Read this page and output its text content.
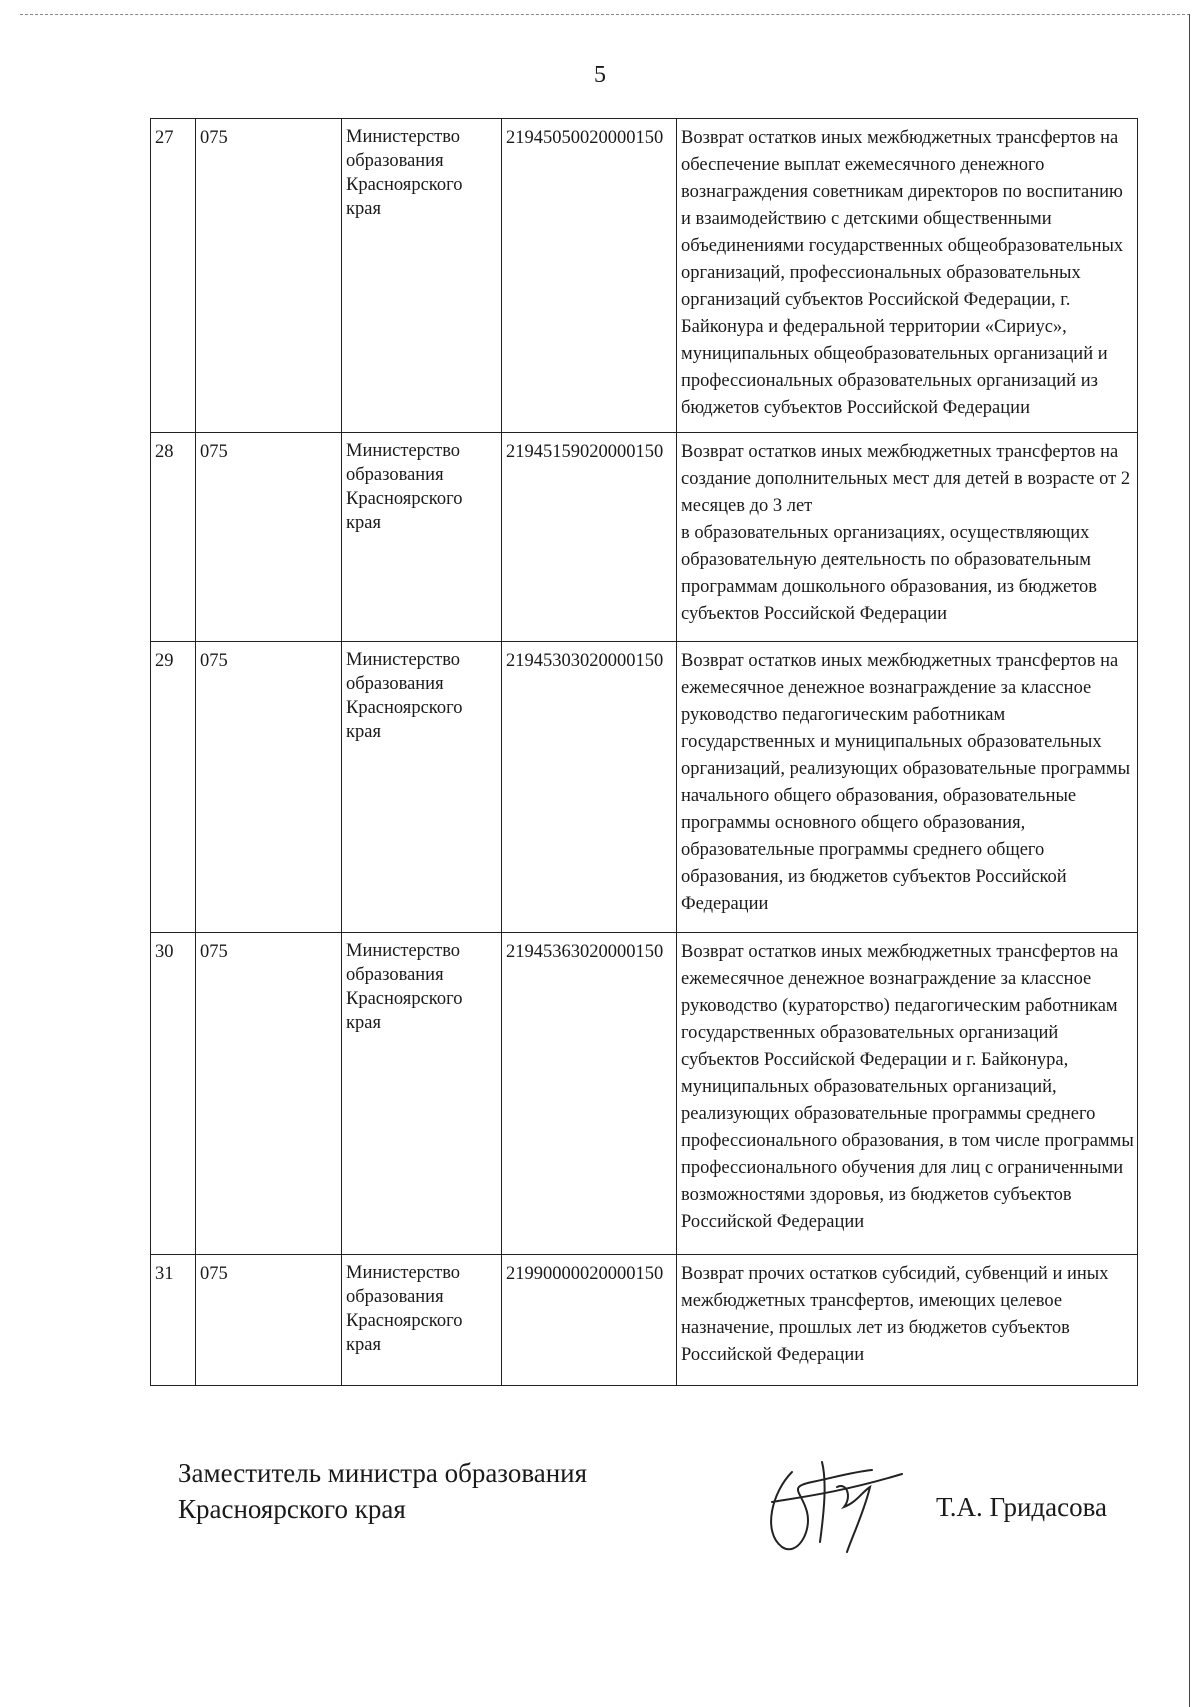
5
27	075	Министерство образования Красноярского края	21945050020000150	Возврат остатков иных межбюджетных трансфертов на обеспечение выплат ежемесячного денежного вознаграждения советникам директоров по воспитанию и взаимодействию с детскими общественными объединениями государственных общеобразовательных организаций, профессиональных образовательных организаций субъектов Российской Федерации, г. Байконура и федеральной территории «Сириус», муниципальных общеобразовательных организаций и профессиональных образовательных организаций из бюджетов субъектов Российской Федерации
28	075	Министерство образования Красноярского края	21945159020000150	Возврат остатков иных межбюджетных трансфертов на создание дополнительных мест для детей в возрасте от 2 месяцев до 3 лет
в образовательных организациях, осуществляющих образовательную деятельность по образовательным программам дошкольного образования, из бюджетов субъектов Российской Федерации
29	075	Министерство образования Красноярского края	21945303020000150	Возврат остатков иных межбюджетных трансфертов на ежемесячное денежное вознаграждение за классное руководство педагогическим работникам государственных и муниципальных образовательных организаций, реализующих образовательные программы начального общего образования, образовательные программы основного общего образования, образовательные программы среднего общего образования, из бюджетов субъектов Российской Федерации
30	075	Министерство образования Красноярского края	21945363020000150	Возврат остатков иных межбюджетных трансфертов на ежемесячное денежное вознаграждение за классное руководство (кураторство) педагогическим работникам государственных образовательных организаций субъектов Российской Федерации и г. Байконура, муниципальных образовательных организаций, реализующих образовательные программы среднего профессионального образования, в том числе программы профессионального обучения для лиц с ограниченными возможностями здоровья, из бюджетов субъектов Российской Федерации
31	075	Министерство образования Красноярского края	21990000020000150	Возврат прочих остатков субсидий, субвенций и иных межбюджетных трансфертов, имеющих целевое назначение, прошлых лет из бюджетов субъектов Российской Федерации
Заместитель министра образования
Красноярского края	Т.А. Гридасова
